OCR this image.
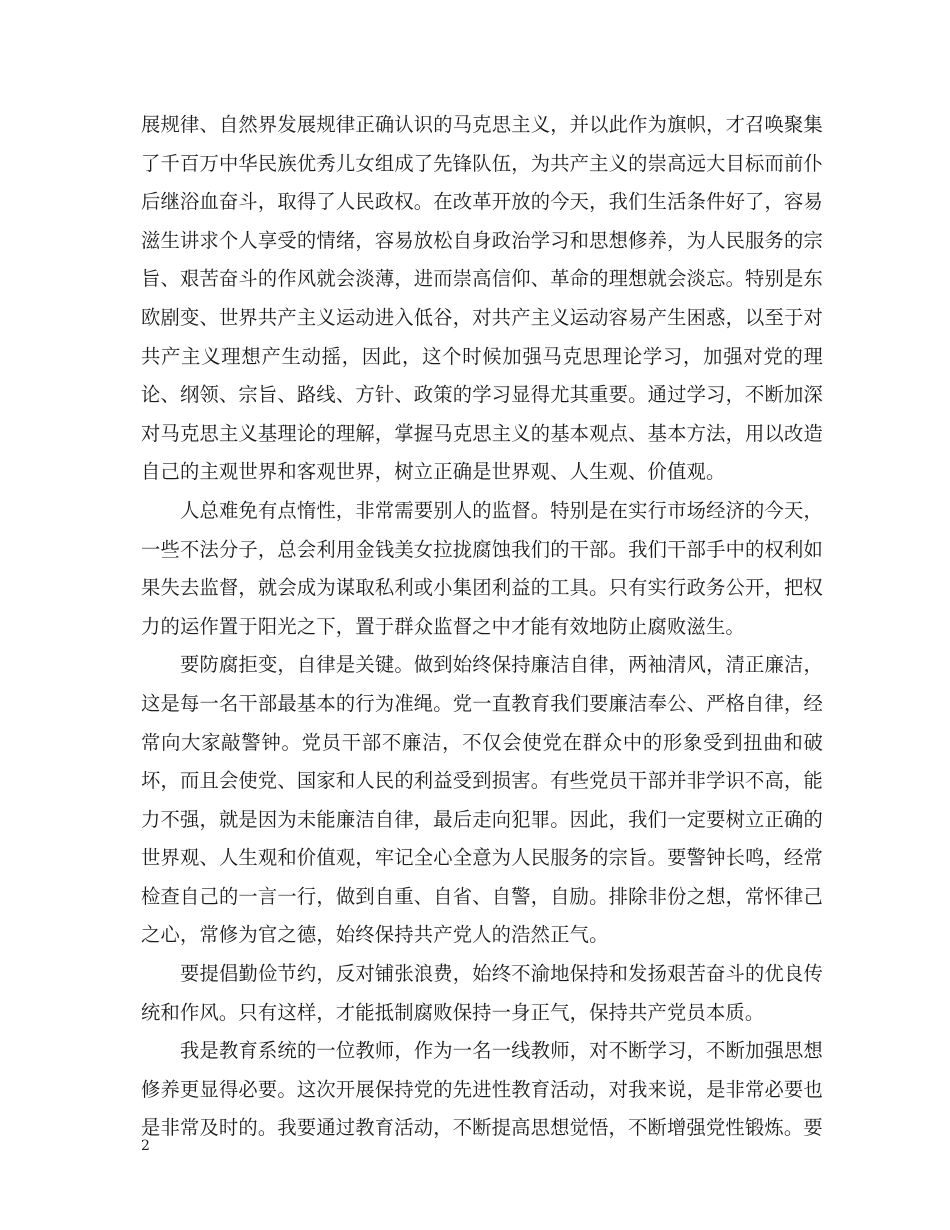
展规律、自然界发展规律正确认识的马克思主义，并以此作为旗帜，才召唤聚集了千百万中华民族优秀儿女组成了先锋队伍，为共产主义的崇高远大目标而前仆后继浴血奋斗，取得了人民政权。在改革开放的今天，我们生活条件好了，容易滋生讲求个人享受的情绪，容易放松自身政治学习和思想修养，为人民服务的宗旨、艰苦奋斗的作风就会淡薄，进而崇高信仰、革命的理想就会淡忘。特别是东欧剧变、世界共产主义运动进入低谷，对共产主义运动容易产生困惑，以至于对共产主义理想产生动摇，因此，这个时候加强马克思理论学习，加强对党的理论、纲领、宗旨、路线、方针、政策的学习显得尤其重要。通过学习，不断加深对马克思主义基理论的理解，掌握马克思主义的基本观点、基本方法，用以改造自己的主观世界和客观世界，树立正确是世界观、人生观、价值观。

人总难免有点惰性，非常需要别人的监督。特别是在实行市场经济的今天，一些不法分子，总会利用金钱美女拉拢腐蚀我们的干部。我们干部手中的权利如果失去监督，就会成为谋取私利或小集团利益的工具。只有实行政务公开，把权力的运作置于阳光之下，置于群众监督之中才能有效地防止腐败滋生。

要防腐拒变，自律是关键。做到始终保持廉洁自律，两袖清风，清正廉洁，这是每一名干部最基本的行为准绳。党一直教育我们要廉洁奉公、严格自律，经常向大家敲警钟。党员干部不廉洁，不仅会使党在群众中的形象受到扭曲和破坏，而且会使党、国家和人民的利益受到损害。有些党员干部并非学识不高，能力不强，就是因为未能廉洁自律，最后走向犯罪。因此，我们一定要树立正确的世界观、人生观和价值观，牢记全心全意为人民服务的宗旨。要警钟长鸣，经常检查自己的一言一行，做到自重、自省、自警，自励。排除非份之想，常怀律己之心，常修为官之德，始终保持共产党人的浩然正气。

要提倡勤俭节约，反对铺张浪费，始终不渝地保持和发扬艰苦奋斗的优良传统和作风。只有这样，才能抵制腐败保持一身正气，保持共产党员本质。

我是教育系统的一位教师，作为一名一线教师，对不断学习，不断加强思想修养更显得必要。这次开展保持党的先进性教育活动，对我来说，是非常必要也是非常及时的。我要通过教育活动，不断提高思想觉悟，不断增强党性锻炼。要

2
